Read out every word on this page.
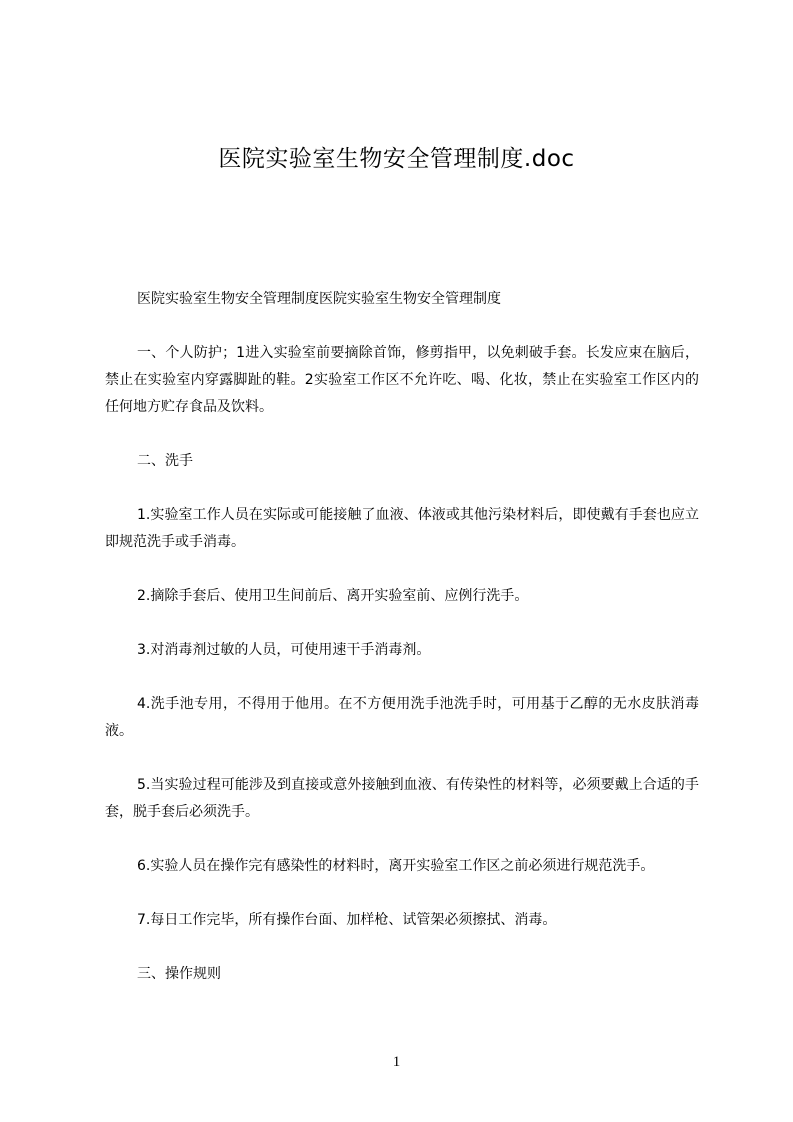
医院实验室生物安全管理制度.doc

医院实验室生物安全管理制度医院实验室生物安全管理制度

一、个人防护；1进入实验室前要摘除首饰，修剪指甲，以免刺破手套。长发应束在脑后，禁止在实验室内穿露脚趾的鞋。2实验室工作区不允许吃、喝、化妆，禁止在实验室工作区内的任何地方贮存食品及饮料。

二、洗手

1.实验室工作人员在实际或可能接触了血液、体液或其他污染材料后，即使戴有手套也应立即规范洗手或手消毒。

2.摘除手套后、使用卫生间前后、离开实验室前、应例行洗手。

3.对消毒剂过敏的人员，可使用速干手消毒剂。

4.洗手池专用，不得用于他用。在不方便用洗手池洗手时，可用基于乙醇的无水皮肤消毒液。

5.当实验过程可能涉及到直接或意外接触到血液、有传染性的材料等，必须要戴上合适的手套，脱手套后必须洗手。

6.实验人员在操作完有感染性的材料时，离开实验室工作区之前必须进行规范洗手。

7.每日工作完毕，所有操作台面、加样枪、试管架必须擦拭、消毒。

三、操作规则

1
